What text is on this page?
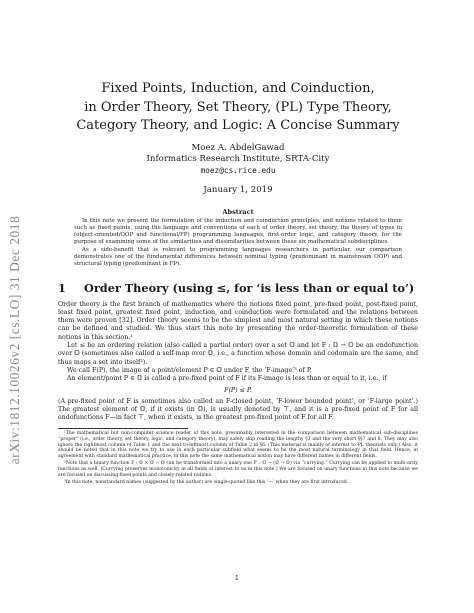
arXiv:1812.10026v2 [cs.LO] 31 Dec 2018
Fixed Points, Induction, and Coinduction,
in Order Theory, Set Theory, (PL) Type Theory,
Category Theory, and Logic: A Concise Summary

Moez A. AbdelGawad

Informatics Research Institute, SRTA-City

moez@cs.rice.edu

January 1, 2019

Abstract

In this note we present the formulation of the induction and coinduction principles, and notions related to them such as fixed points, using the language and conventions of each of order theory, set theory, the theory of types in (object-oriented/OOP and functional/FP) programming languages, first-order logic, and category theory, for the purpose of examining some of the similarities and dissimilarities between these six mathematical subdisciplines.

As a side-benefit that is relevant to programming languages researchers in particular, our comparison demonstrates one of the fundamental differences between nominal typing (predominant in mainstream OOP) and structural typing (predominant in FP).

1 Order Theory (using ≤, for ‘is less than or equal to’)

Order theory is the first branch of mathematics where the notions fixed point, pre-fixed point, post-fixed point, least fixed point, greatest fixed point, induction, and coinduction were formulated and the relations between them were proven [32]. Order theory seems to be the simplest and most natural setting in which these notions can be defined and studied. We thus start this note by presenting the order-theoretic formulation of these notions in this section.¹

Let ≤ be an ordering relation (also called a partial order) over a set 𝕆 and let F : 𝕆 → 𝕆 be an endofunction over 𝕆 (sometimes also called a self-map over 𝕆, i.e., a function whose domain and codomain are the same, and thus maps a set into itself²).

We call F(P), the image of a point/element P ∈ 𝕆 under F, the ‘F-image’³ of P.

An element/point P ∈ 𝕆 is called a pre-fixed point of F if its F-image is less than or equal to it, i.e., if

F(P) ≤ P.

(A pre-fixed point of F is sometimes also called an F-closed point, ‘F-lower bounded point’, or ‘F-large point’.) The greatest element of 𝕆, if it exists (in 𝕆), is usually denoted by ⊤, and it is a pre-fixed point of F for all endofunctions F—in fact ⊤, when it exists, is the greatest pre-fixed point of F for all F.

¹The mathematical but non-computer science reader of this note, presumably interested in the comparison between mathematical sub-disciplines “proper” (i.e., order theory, set theory, logic, and category theory), may safely skip reading the lengthy §3 and the very short §§7 and 8. They may also ignore the rightmost column of Table 1 and the next-to-leftmost column of Table 2 in §6. (This material is mainly of interest to PL theorists only.) Also, it should be noted that in this note we try to use in each particular subfield what seems to be the most natural terminology in that field. Hence, in agreement with standard mathematical practice, in this note the same mathematical notion may have different names in different fields.

²Note that a binary function F : 𝕆 × 𝕆 → 𝕆 can be transformed into a unary one F′ : 𝕆 → (𝕆 → 𝕆) via “currying.” Currying can be applied to multi-arity functions as well. (Currying preserves monotonicity in all fields of interest to us in this note.) We are focused on unary functions in this note because we are focused on discussing fixed points and closely-related notions.

³In this note, nonstandard names (suggested by the author) are single-quoted like this ‘—’ when they are first introduced.

1
